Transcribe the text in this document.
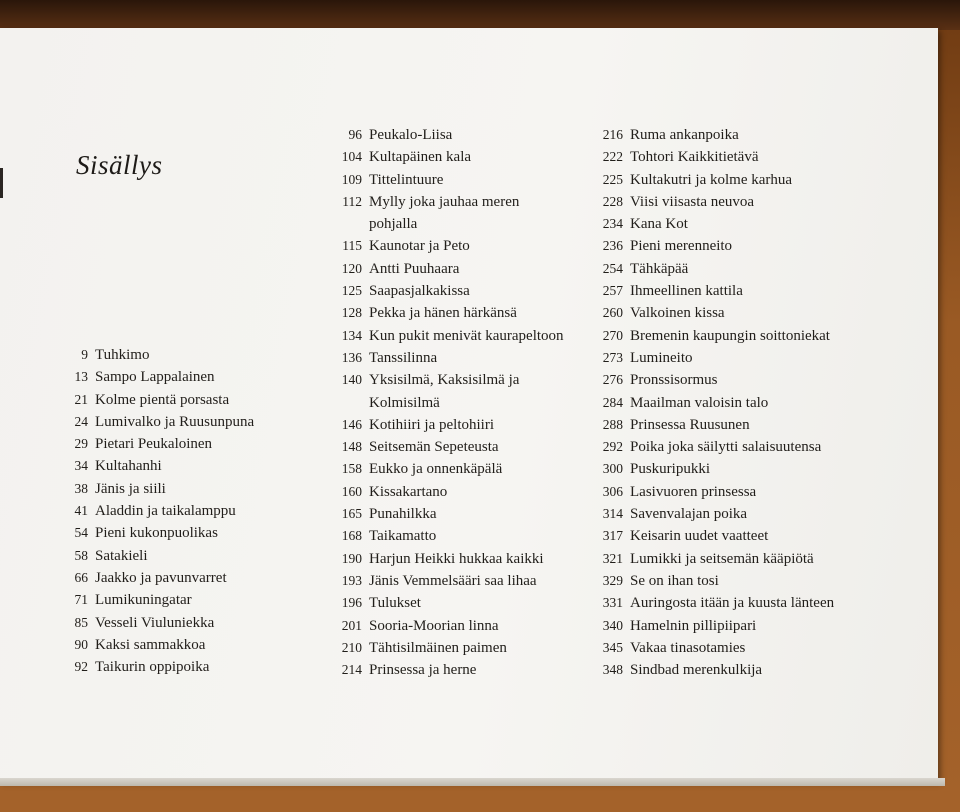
Sisällys
9 Tuhkimo
13 Sampo Lappalainen
21 Kolme pientä porsasta
24 Lumivalko ja Ruusunpuna
29 Pietari Peukaloinen
34 Kultahanhi
38 Jänis ja siili
41 Aladdin ja taikalamppu
54 Pieni kukonpuolikas
58 Satakieli
66 Jaakko ja pavunvarret
71 Lumikuningatar
85 Vesseli Viuluniekka
90 Kaksi sammakkoa
92 Taikurin oppipoika
96 Peukalo-Liisa
104 Kultapäinen kala
109 Tittelintuure
112 Mylly joka jauhaa meren pohjalla
115 Kaunotar ja Peto
120 Antti Puuhaara
125 Saapasjalkakissa
128 Pekka ja hänen härkänsä
134 Kun pukit menivät kaurapeltoon
136 Tanssilinna
140 Yksisilmä, Kaksisilmä ja Kolmisilmä
146 Kotihiiri ja peltohiiri
148 Seitsemän Sepeteusta
158 Eukko ja onnenkäpälä
160 Kissakartano
165 Punahilkka
168 Taikamatto
190 Harjun Heikki hukkaa kaikki
193 Jänis Vemmelsääri saa lihaa
196 Tulukset
201 Sooria-Moorian linna
210 Tähtisilmäinen paimen
214 Prinsessa ja herne
216 Ruma ankanpoika
222 Tohtori Kaikkitietävä
225 Kultakutri ja kolme karhua
228 Viisi viisasta neuvoa
234 Kana Kot
236 Pieni merenneito
254 Tähkäpää
257 Ihmeellinen kattila
260 Valkoinen kissa
270 Bremenin kaupungin soittoniekat
273 Lumineito
276 Pronssisormus
284 Maailman valoisin talo
288 Prinsessa Ruusunen
292 Poika joka säilytti salaisuutensa
300 Puskuripukki
306 Lasivuoren prinsessa
314 Savenvalajan poika
317 Keisarin uudet vaatteet
321 Lumikki ja seitsemän kääpiötä
329 Se on ihan tosi
331 Auringosta itään ja kuusta länteen
340 Hamelnin pillipiipari
345 Vakaa tinasotamies
348 Sindbad merenkulkija
